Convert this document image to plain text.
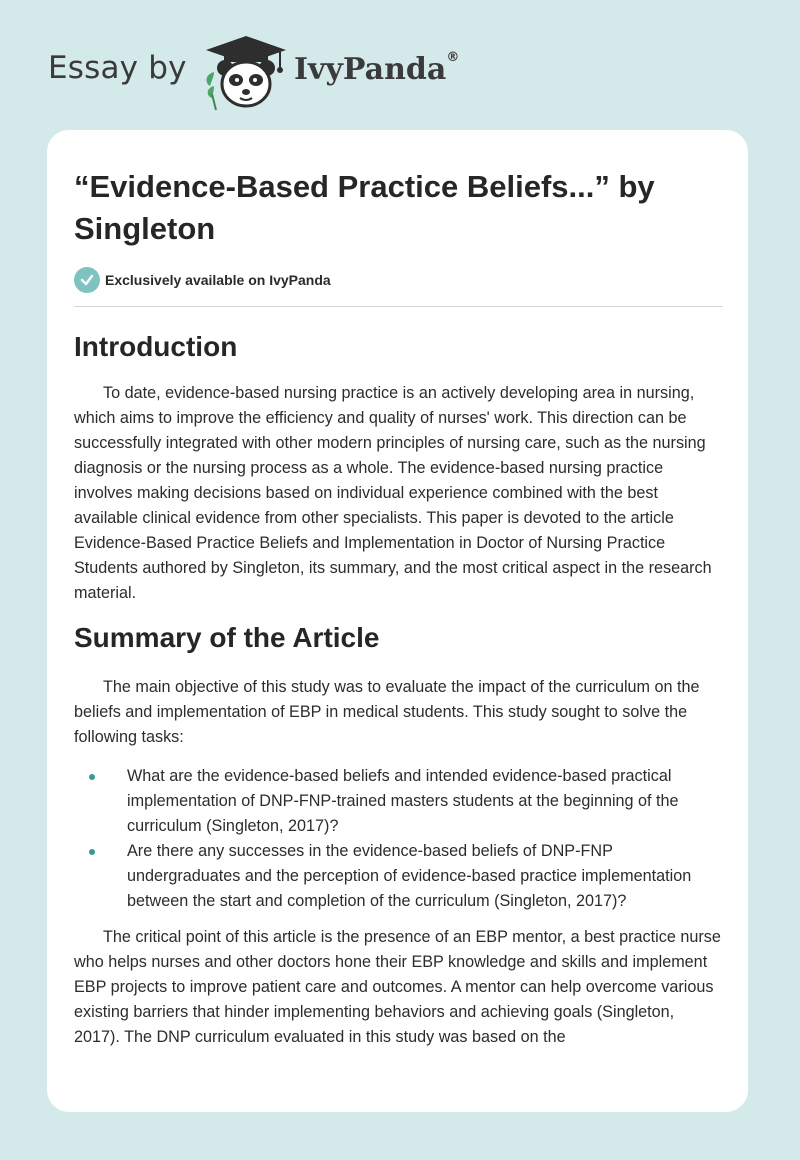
Essay by	IvyPanda®
“Evidence-Based Practice Beliefs...” by Singleton
Exclusively available on IvyPanda
Introduction

To date, evidence-based nursing practice is an actively developing area in nursing, which aims to improve the efficiency and quality of nurses' work. This direction can be successfully integrated with other modern principles of nursing care, such as the nursing diagnosis or the nursing process as a whole. The evidence-based nursing practice involves making decisions based on individual experience combined with the best available clinical evidence from other specialists. This paper is devoted to the article Evidence-Based Practice Beliefs and Implementation in Doctor of Nursing Practice Students authored by Singleton, its summary, and the most critical aspect in the research material.

Summary of the Article

The main objective of this study was to evaluate the impact of the curriculum on the beliefs and implementation of EBP in medical students. This study sought to solve the following tasks:

What are the evidence-based beliefs and intended evidence-based practical implementation of DNP-FNP-trained masters students at the beginning of the curriculum (Singleton, 2017)?
Are there any successes in the evidence-based beliefs of DNP-FNP undergraduates and the perception of evidence-based practice implementation between the start and completion of the curriculum (Singleton, 2017)?

The critical point of this article is the presence of an EBP mentor, a best practice nurse who helps nurses and other doctors hone their EBP knowledge and skills and implement EBP projects to improve patient care and outcomes. A mentor can help overcome various existing barriers that hinder implementing behaviors and achieving goals (Singleton, 2017). The DNP curriculum evaluated in this study was based on the
